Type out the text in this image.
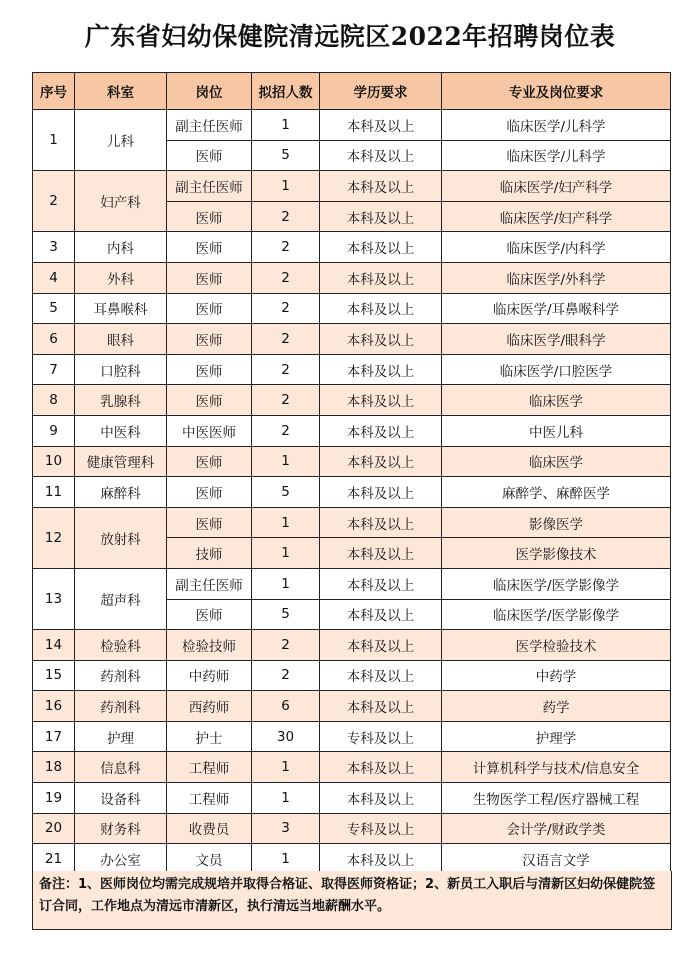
广东省妇幼保健院清远院区2022年招聘岗位表
序号	科室	岗位	拟招人数	学历要求	专业及岗位要求
1	儿科	副主任医师	1	本科及以上	临床医学/儿科学
		医师	5	本科及以上	临床医学/儿科学
2	妇产科	副主任医师	1	本科及以上	临床医学/妇产科学
		医师	2	本科及以上	临床医学/妇产科学
3	内科	医师	2	本科及以上	临床医学/内科学
4	外科	医师	2	本科及以上	临床医学/外科学
5	耳鼻喉科	医师	2	本科及以上	临床医学/耳鼻喉科学
6	眼科	医师	2	本科及以上	临床医学/眼科学
7	口腔科	医师	2	本科及以上	临床医学/口腔医学
8	乳腺科	医师	2	本科及以上	临床医学
9	中医科	中医医师	2	本科及以上	中医儿科
10	健康管理科	医师	1	本科及以上	临床医学
11	麻醉科	医师	5	本科及以上	麻醉学、麻醉医学
12	放射科	医师	1	本科及以上	影像医学
		技师	1	本科及以上	医学影像技术
13	超声科	副主任医师	1	本科及以上	临床医学/医学影像学
		医师	5	本科及以上	临床医学/医学影像学
14	检验科	检验技师	2	本科及以上	医学检验技术
15	药剂科	中药师	2	本科及以上	中药学
16	药剂科	西药师	6	本科及以上	药学
17	护理	护士	30	专科及以上	护理学
18	信息科	工程师	1	本科及以上	计算机科学与技术/信息安全
19	设备科	工程师	1	本科及以上	生物医学工程/医疗器械工程
20	财务科	收费员	3	专科及以上	会计学/财政学类
21	办公室	文员	1	本科及以上	汉语言文学
备注：1、医师岗位均需完成规培并取得合格证、取得医师资格证；2、新员工入职后与清新区妇幼保健院签订合同，工作地点为清远市清新区，执行清远当地薪酬水平。
